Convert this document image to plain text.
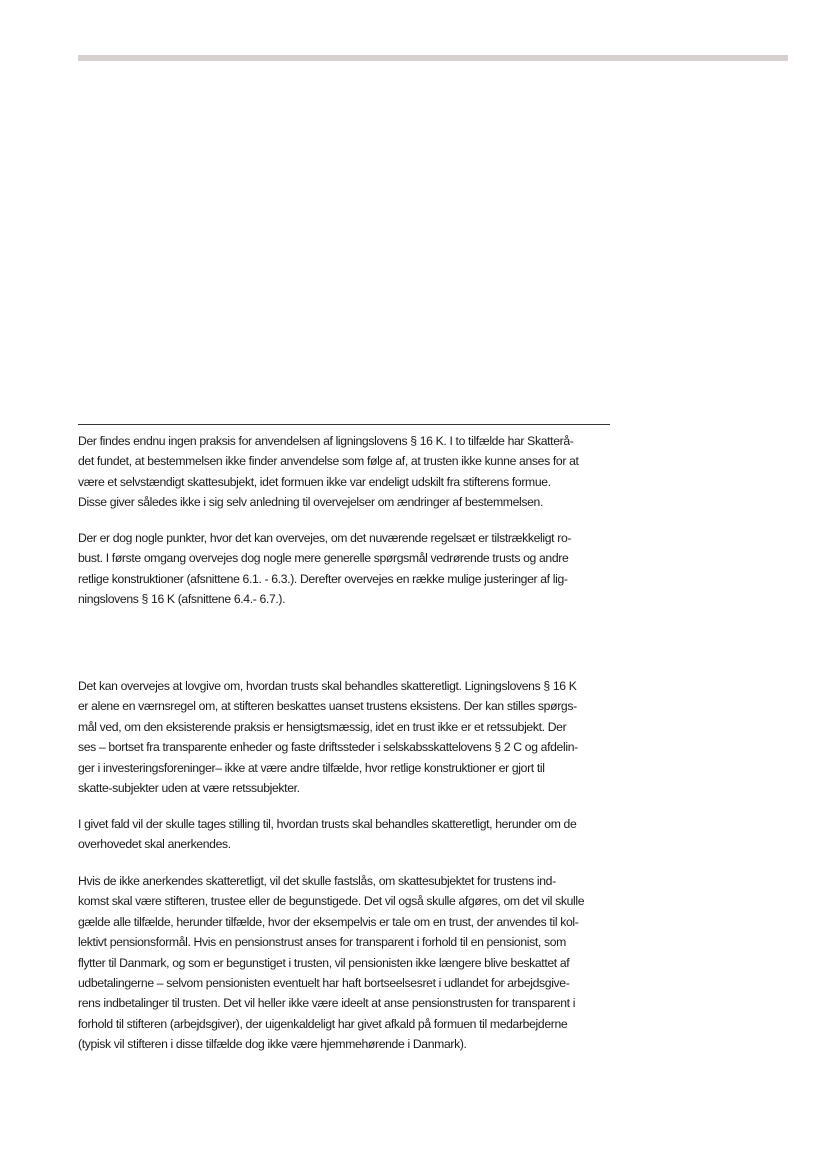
Der findes endnu ingen praksis for anvendelsen af ligningslovens § 16 K. I to tilfælde har Skatterå-

det fundet, at bestemmelsen ikke finder anvendelse som følge af, at trusten ikke kunne anses for at

være et selvstændigt skattesubjekt, idet formuen ikke var endeligt udskilt fra stifterens formue.

Disse giver således ikke i sig selv anledning til overvejelser om ændringer af bestemmelsen.

Der er dog nogle punkter, hvor det kan overvejes, om det nuværende regelsæt er tilstrækkeligt ro-

bust. I første omgang overvejes dog nogle mere generelle spørgsmål vedrørende trusts og andre

retlige konstruktioner (afsnittene 6.1. - 6.3.). Derefter overvejes en række mulige justeringer af lig-

ningslovens § 16 K (afsnittene 6.4.- 6.7.).

Det kan overvejes at lovgive om, hvordan trusts skal behandles skatteretligt. Ligningslovens § 16 K

er alene en værnsregel om, at stifteren beskattes uanset trustens eksistens. Der kan stilles spørgs-

mål ved, om den eksisterende praksis er hensigtsmæssig, idet en trust ikke er et retssubjekt. Der

ses – bortset fra transparente enheder og faste driftssteder i selskabsskattelovens § 2 C og afdelin-

ger i investeringsforeninger– ikke at være andre tilfælde, hvor retlige konstruktioner er gjort til

skatte-subjekter uden at være retssubjekter.

I givet fald vil der skulle tages stilling til, hvordan trusts skal behandles skatteretligt, herunder om de

overhovedet skal anerkendes.

Hvis de ikke anerkendes skatteretligt, vil det skulle fastslås, om skattesubjektet for trustens ind-

komst skal være stifteren, trustee eller de begunstigede. Det vil også skulle afgøres, om det vil skulle

gælde alle tilfælde, herunder tilfælde, hvor der eksempelvis er tale om en trust, der anvendes til kol-

lektivt pensionsformål. Hvis en pensionstrust anses for transparent i forhold til en pensionist, som

flytter til Danmark, og som er begunstiget i trusten, vil pensionisten ikke længere blive beskattet af

udbetalingerne – selvom pensionisten eventuelt har haft bortseelsesret i udlandet for arbejdsgive-

rens indbetalinger til trusten. Det vil heller ikke være ideelt at anse pensionstrusten for transparent i

forhold til stifteren (arbejdsgiver), der uigenkaldeligt har givet afkald på formuen til medarbejderne

(typisk vil stifteren i disse tilfælde dog ikke være hjemmehørende i Danmark).
